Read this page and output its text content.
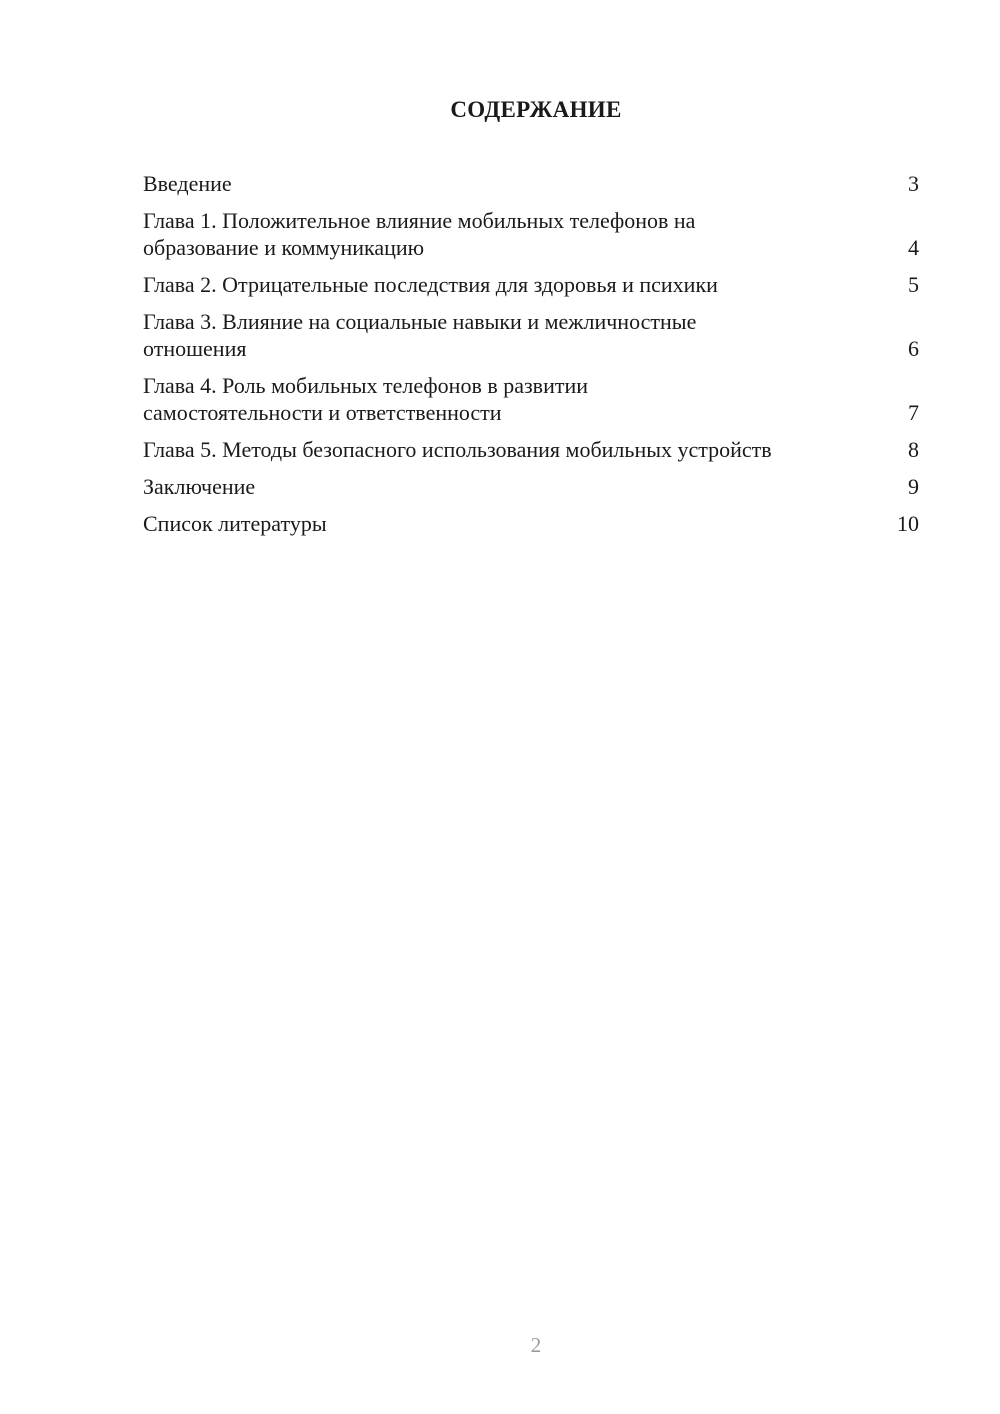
СОДЕРЖАНИЕ
Введение	3
Глава 1. Положительное влияние мобильных телефонов на образование и коммуникацию	4
Глава 2. Отрицательные последствия для здоровья и психики	5
Глава 3. Влияние на социальные навыки и межличностные отношения	6
Глава 4. Роль мобильных телефонов в развитии самостоятельности и ответственности	7
Глава 5. Методы безопасного использования мобильных устройств	8
Заключение	9
Список литературы	10
2
